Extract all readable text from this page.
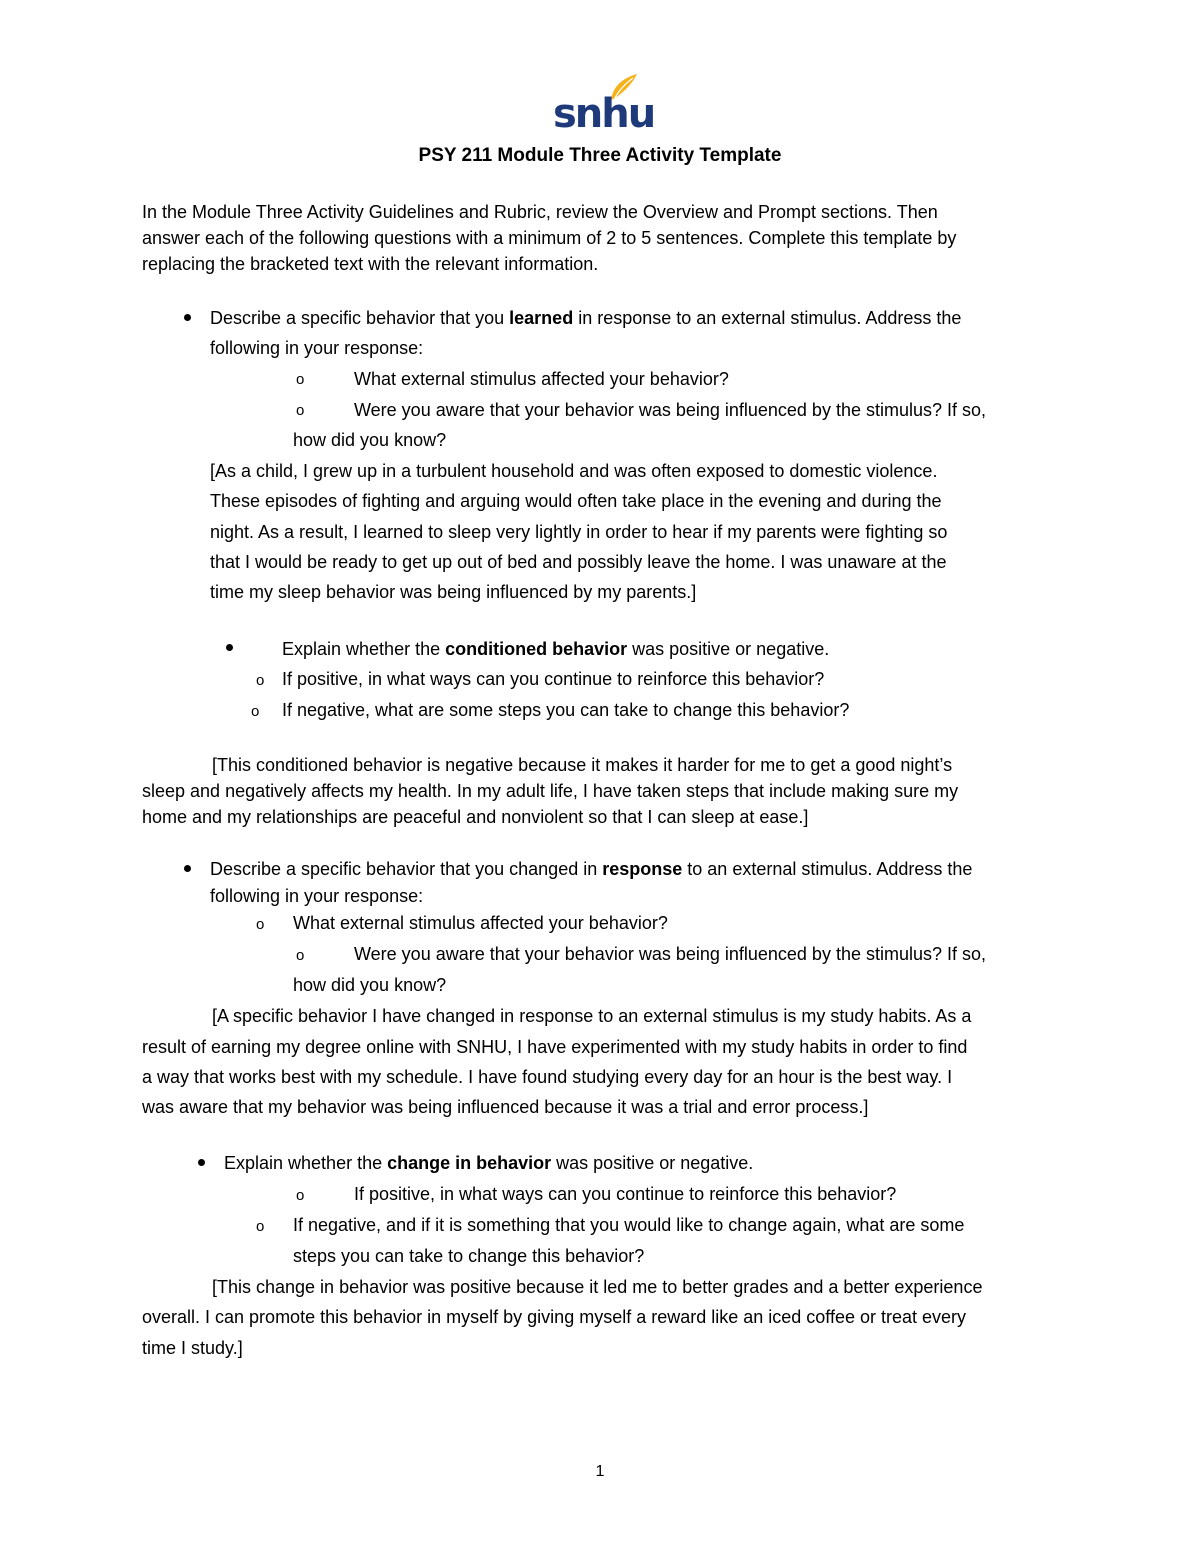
snhu
PSY 211 Module Three Activity Template
In the Module Three Activity Guidelines and Rubric, review the Overview and Prompt sections. Then
answer each of the following questions with a minimum of 2 to 5 sentences. Complete this template by
replacing the bracketed text with the relevant information.
Describe a specific behavior that you learned in response to an external stimulus. Address the
following in your response:
o	What external stimulus affected your behavior?
o	Were you aware that your behavior was being influenced by the stimulus? If so,
how did you know?
[As a child, I grew up in a turbulent household and was often exposed to domestic violence.
These episodes of fighting and arguing would often take place in the evening and during the
night. As a result, I learned to sleep very lightly in order to hear if my parents were fighting so
that I would be ready to get up out of bed and possibly leave the home. I was unaware at the
time my sleep behavior was being influenced by my parents.]
Explain whether the conditioned behavior was positive or negative.
o If positive, in what ways can you continue to reinforce this behavior?
o If negative, what are some steps you can take to change this behavior?
[This conditioned behavior is negative because it makes it harder for me to get a good night’s
sleep and negatively affects my health. In my adult life, I have taken steps that include making sure my
home and my relationships are peaceful and nonviolent so that I can sleep at ease.]
Describe a specific behavior that you changed in response to an external stimulus. Address the
following in your response:
o What external stimulus affected your behavior?
o	Were you aware that your behavior was being influenced by the stimulus? If so,
how did you know?
[A specific behavior I have changed in response to an external stimulus is my study habits. As a
result of earning my degree online with SNHU, I have experimented with my study habits in order to find
a way that works best with my schedule. I have found studying every day for an hour is the best way. I
was aware that my behavior was being influenced because it was a trial and error process.]
Explain whether the change in behavior was positive or negative.
o	If positive, in what ways can you continue to reinforce this behavior?
o If negative, and if it is something that you would like to change again, what are some
steps you can take to change this behavior?
[This change in behavior was positive because it led me to better grades and a better experience
overall. I can promote this behavior in myself by giving myself a reward like an iced coffee or treat every
time I study.]
1
